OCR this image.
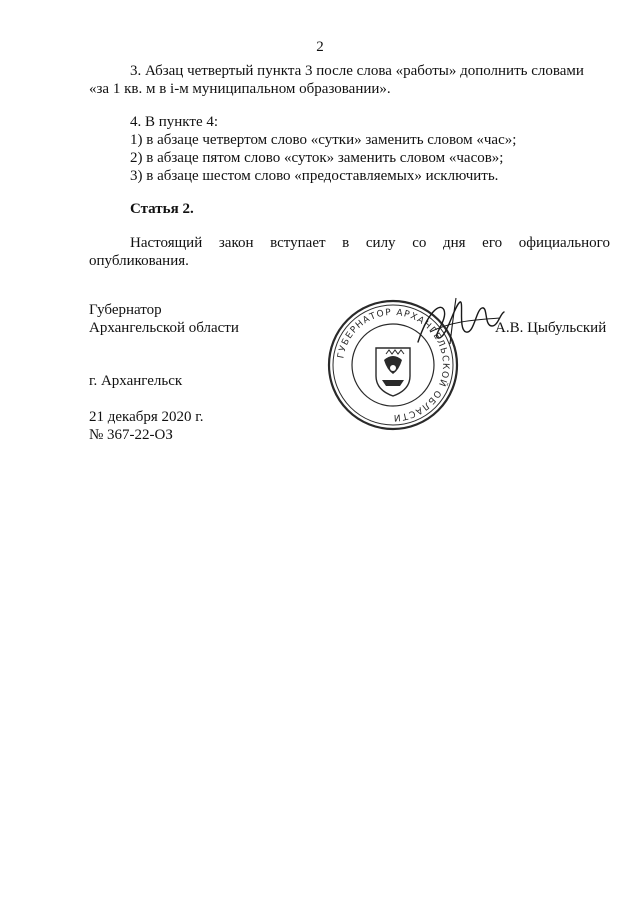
2
3. Абзац четвертый пункта 3 после слова «работы» дополнить словами
«за 1 кв. м в i-м муниципальном образовании».
4. В пункте 4:
1) в абзаце четвертом слово «сутки» заменить словом «час»;
2) в абзаце пятом слово «суток» заменить словом «часов»;
3) в абзаце шестом слово «предоставляемых» исключить.
Статья 2.
Настоящий закон вступает в силу со дня его официального
опубликования.
Губернатор
Архангельской области	А.В. Цыбульский
г. Архангельск
21 декабря 2020 г.
№ 367-22-ОЗ
ГУБЕРНАТОР АРХАНГЕЛЬСКОЙ ОБЛАСТИ
